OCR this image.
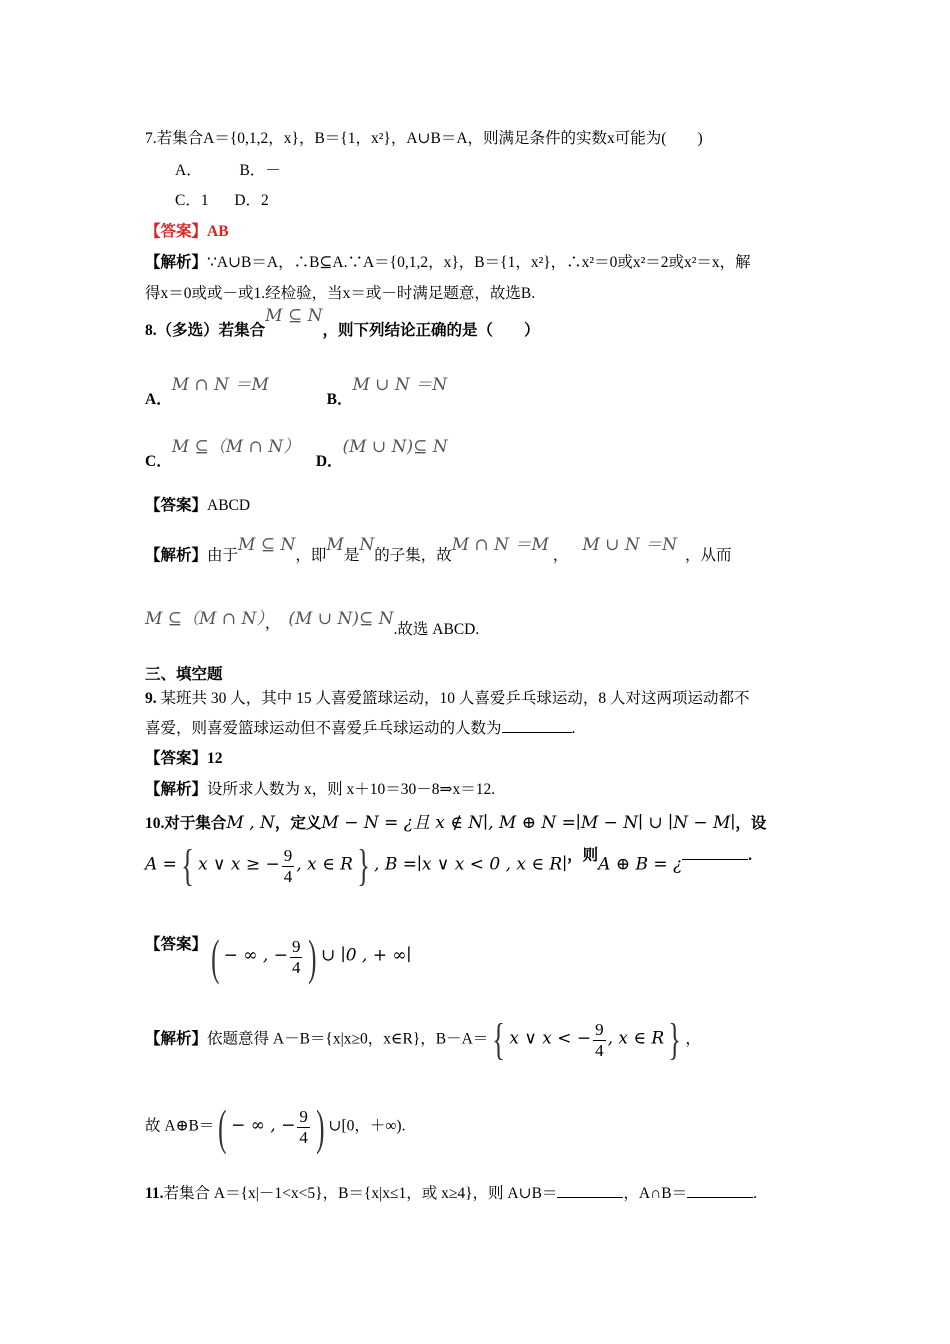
7.若集合A＝{0,1,2，x}，B＝{1，x²}，A∪B＝A，则满足条件的实数x可能为(　　)
A． B．－
C．1 D．2
【答案】AB
【解析】∵A∪B＝A，∴B⊆A.∵A＝{0,1,2，x}，B＝{1，x²}，∴x²＝0或x²＝2或x²＝x，解
得x＝0或或－或1.经检验，当x＝或－时满足题意，故选B.
8.（多选）若集合M ⊆ N，则下列结论正确的是（　　）
A．M ∩ N ＝M  B．M ∪ N ＝N
C．M ⊆（M ∩ N）  D．(M ∪ N)⊆ N
【答案】ABCD
【解析】由于M ⊆ N，即M是N的子集，故M ∩ N ＝M，M ∪ N ＝N，从而
M ⊆（M ∩ N）， (M ∪ N)⊆ N.故选 ABCD.
三、填空题
9. 某班共 30 人，其中 15 人喜爱篮球运动，10 人喜爱乒乓球运动，8 人对这两项运动都不
喜爱，则喜爱篮球运动但不喜爱乒乓球运动的人数为	.
【答案】12
【解析】设所求人数为 x，则 x＋10＝30－8⇒x＝12.
10.对于集合M , N，定义M − N = ¿且 x ∉ N∣, M ⊕ N =∣M − N∣ ∪ ∣N − M∣，设
A ={ x ∨ x ≥ − $\frac{9}{4}$ , x ∈ R} , B =∣x ∨ x < 0 , x ∈ R∣，则A ⊕ B = ¿	.
【答案】( − ∞ , − $\frac{9}{4}$ ) ∪ ∣0 , + ∞∣
【解析】依题意得 A－B＝{x|x≥0，x∈R}，B－A＝{ x ∨ x < − $\frac{9}{4}$ , x ∈ R} ，
故 A⊕B＝( − ∞ , − $\frac{9}{4}$ ) ∪[0，＋∞).
11.若集合 A＝{x|－1<x<5}，B＝{x|x≤1，或 x≥4}，则 A∪B＝	，A∩B＝	.
